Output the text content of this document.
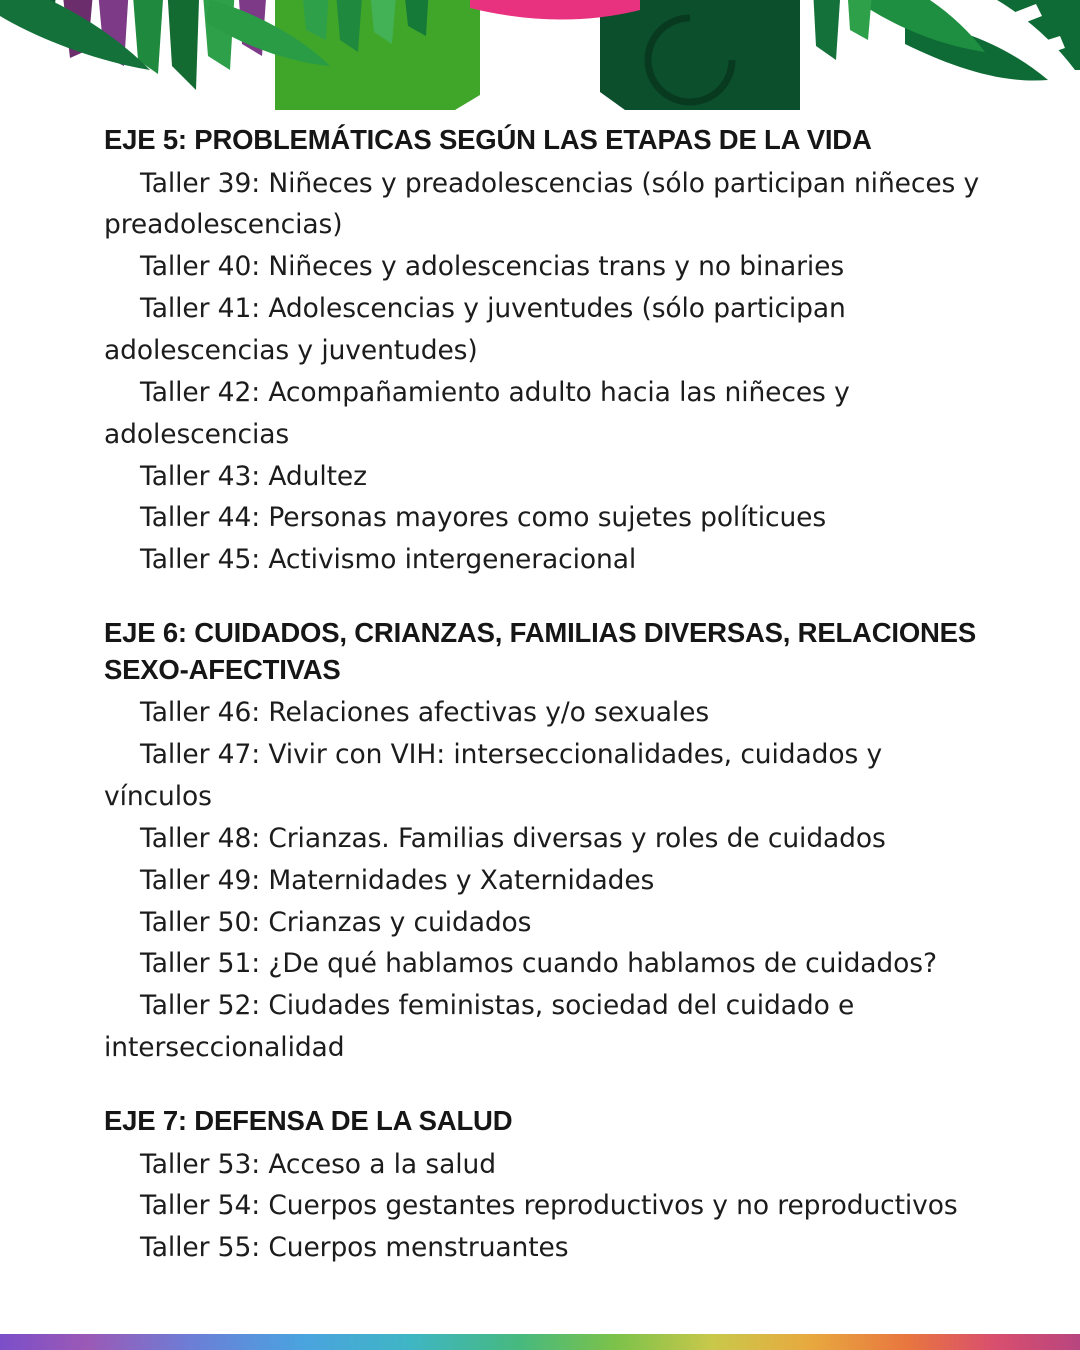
EJE 5: PROBLEMÁTICAS SEGÚN LAS ETAPAS DE LA VIDA

Taller 39: Niñeces y preadolescencias (sólo participan niñeces y preadolescencias)

Taller 40: Niñeces y adolescencias trans y no binaries

Taller 41: Adolescencias y juventudes (sólo participan adolescencias y juventudes)

Taller 42: Acompañamiento adulto hacia las niñeces y adolescencias

Taller 43: Adultez

Taller 44: Personas mayores como sujetes políticues

Taller 45: Activismo intergeneracional

EJE 6: CUIDADOS, CRIANZAS, FAMILIAS DIVERSAS, RELACIONES SEXO-AFECTIVAS

Taller 46: Relaciones afectivas y/o sexuales

Taller 47: Vivir con VIH: interseccionalidades, cuidados y vínculos

Taller 48: Crianzas. Familias diversas y roles de cuidados

Taller 49: Maternidades y Xaternidades

Taller 50: Crianzas y cuidados

Taller 51: ¿De qué hablamos cuando hablamos de cuidados?

Taller 52: Ciudades feministas, sociedad del cuidado e interseccionalidad

EJE 7: DEFENSA DE LA SALUD

Taller 53: Acceso a la salud

Taller 54: Cuerpos gestantes reproductivos y no reproductivos

Taller 55: Cuerpos menstruantes
